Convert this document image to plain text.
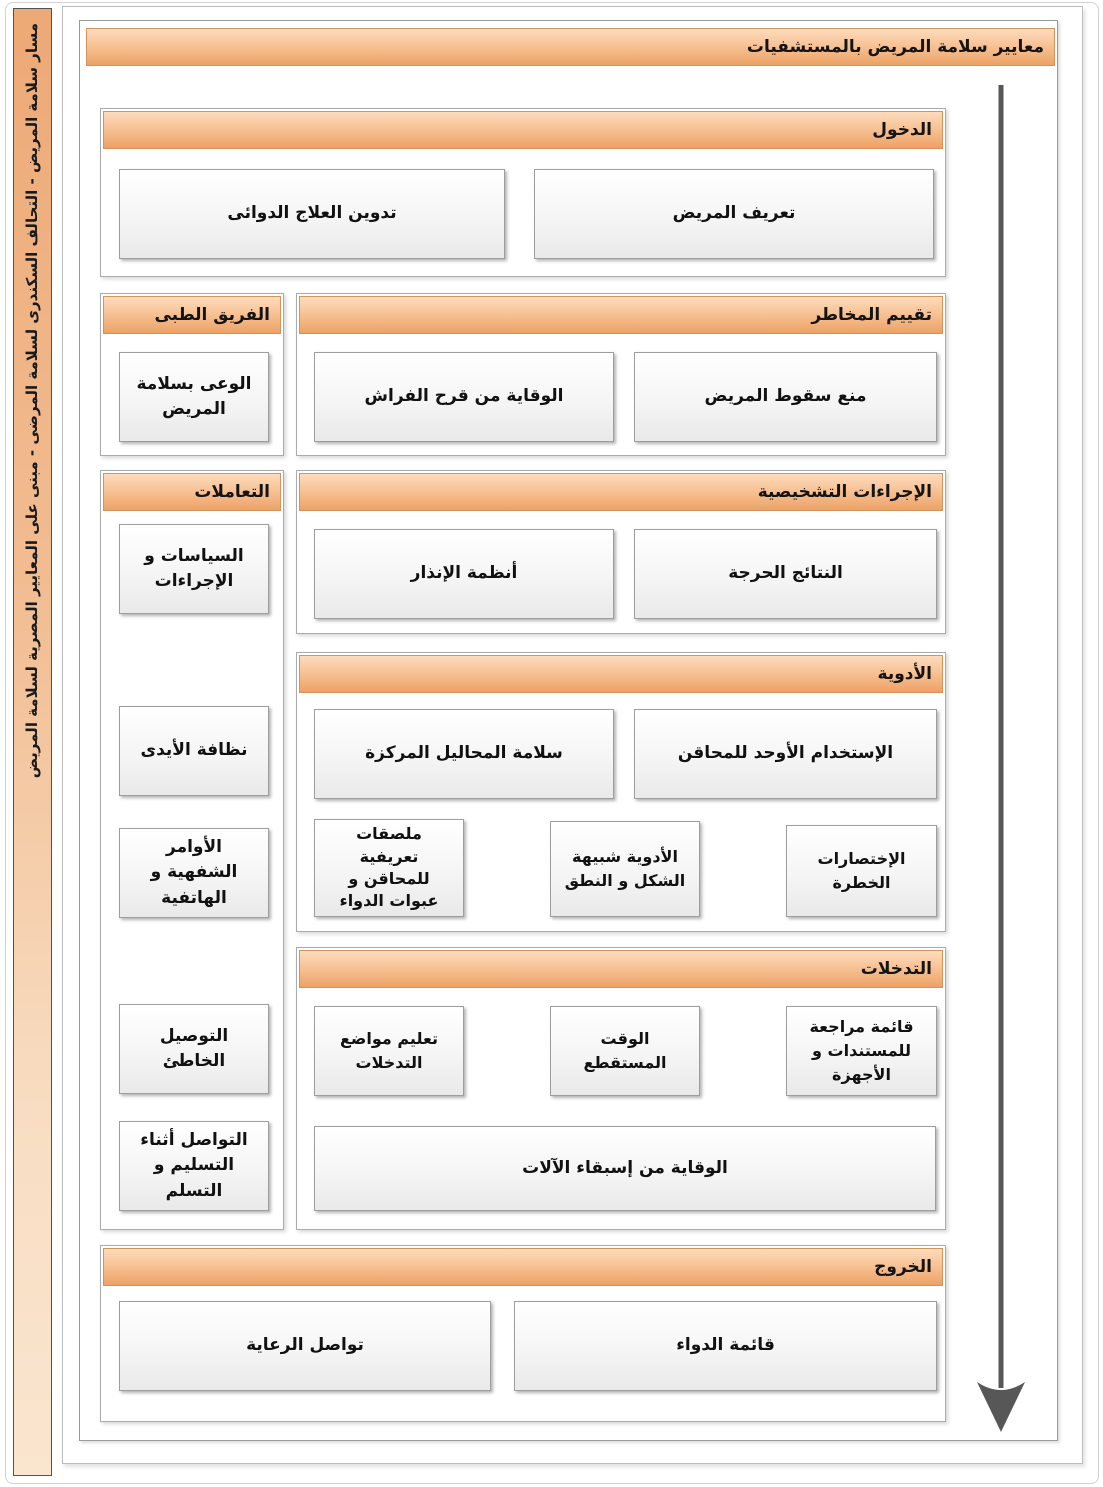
مسار سلامة المريض - التحالف السكندرى لسلامة المرضى - مبنى على المعايير المصرية لسلامة المريض	معايير سلامة المريض بالمستشفيات
الدخول
تعريف المريض
تدوين العلاج الدوائى
الفريق الطبى
الوعى بسلامة المريض
تقييم المخاطر
منع سقوط المريض
الوقاية من قرح الفراش
التعاملات
السياسات و الإجراءات
نظافة الأيدى
الأوامر الشفهية و الهاتفية
التوصيل الخاطئ
التواصل أثناء التسليم و التسلم
الإجراءات التشخيصية
النتائج الحرجة
أنظمة الإنذار
الأدوية
الإستخدام الأوحد للمحاقن
سلامة المحاليل المركزة
الإختصارات الخطرة
الأدوية شبيهة الشكل و النطق
ملصقات تعريفية للمحاقن و عبوات الدواء
التدخلات
قائمة مراجعة للمستندات و الأجهزة
الوقت المستقطع
تعليم مواضع التدخلات
الوقاية من إسبقاء الآلات
الخروج
قائمة الدواء
تواصل الرعاية
